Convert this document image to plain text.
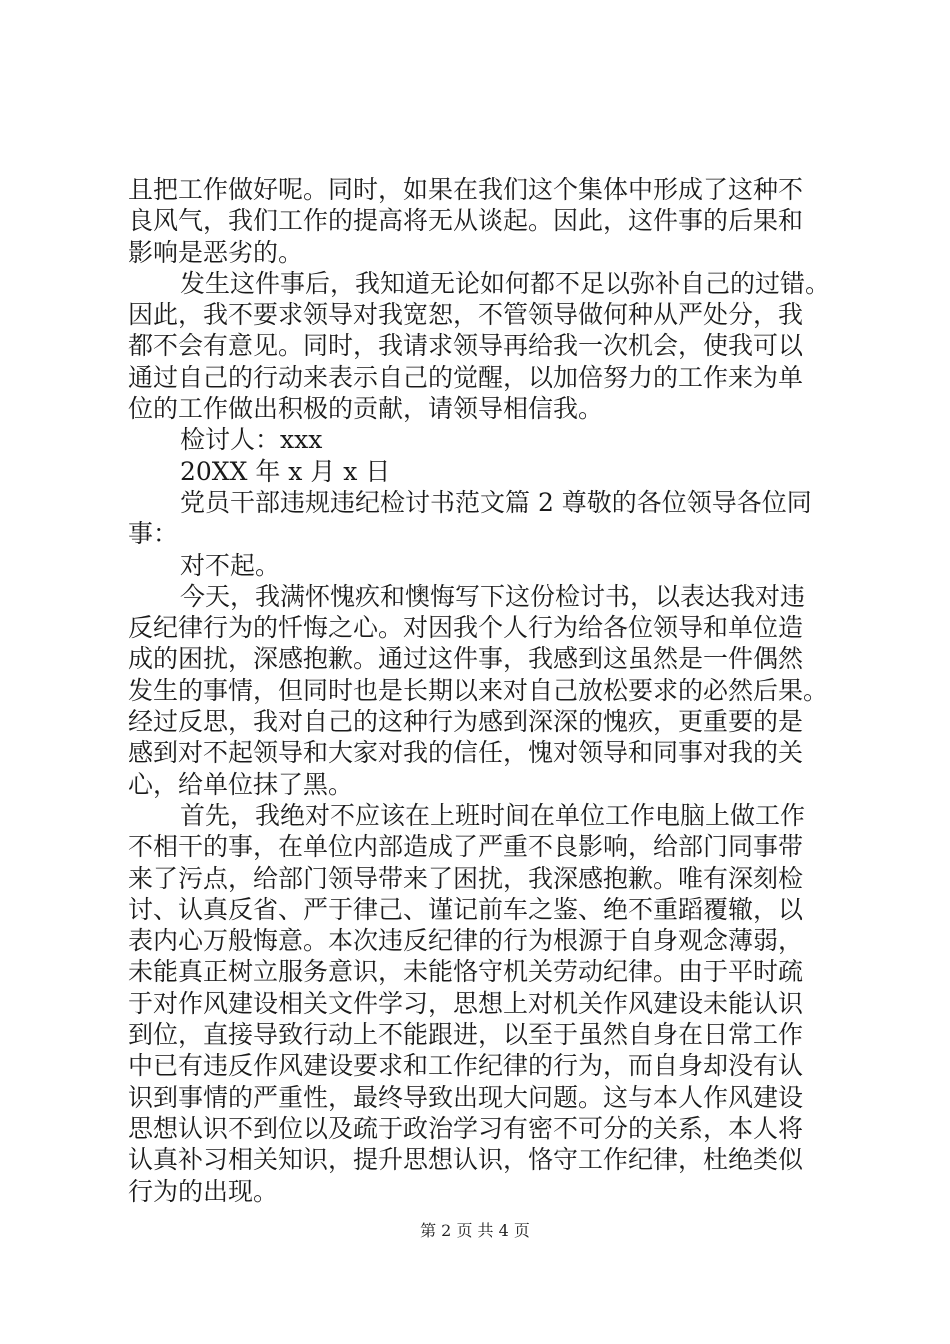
且把工作做好呢。同时，如果在我们这个集体中形成了这种不
良风气，我们工作的提高将无从谈起。因此，这件事的后果和
影响是恶劣的。
发生这件事后，我知道无论如何都不足以弥补自己的过错。
因此，我不要求领导对我宽恕，不管领导做何种从严处分，我
都不会有意见。同时，我请求领导再给我一次机会，使我可以
通过自己的行动来表示自己的觉醒，以加倍努力的工作来为单
位的工作做出积极的贡献，请领导相信我。
检讨人：xxx
20XX 年 x 月 x 日
党员干部违规违纪检讨书范文篇 2 尊敬的各位领导各位同
事：
对不起。
今天，我满怀愧疚和懊悔写下这份检讨书，以表达我对违
反纪律行为的忏悔之心。对因我个人行为给各位领导和单位造
成的困扰，深感抱歉。通过这件事，我感到这虽然是一件偶然
发生的事情，但同时也是长期以来对自己放松要求的必然后果。
经过反思，我对自己的这种行为感到深深的愧疚，更重要的是
感到对不起领导和大家对我的信任，愧对领导和同事对我的关
心，给单位抹了黑。
首先，我绝对不应该在上班时间在单位工作电脑上做工作
不相干的事，在单位内部造成了严重不良影响，给部门同事带
来了污点，给部门领导带来了困扰，我深感抱歉。唯有深刻检
讨、认真反省、严于律己、谨记前车之鉴、绝不重蹈覆辙，以
表内心万般悔意。本次违反纪律的行为根源于自身观念薄弱，
未能真正树立服务意识，未能恪守机关劳动纪律。由于平时疏
于对作风建设相关文件学习，思想上对机关作风建设未能认识
到位，直接导致行动上不能跟进，以至于虽然自身在日常工作
中已有违反作风建设要求和工作纪律的行为，而自身却没有认
识到事情的严重性，最终导致出现大问题。这与本人作风建设
思想认识不到位以及疏于政治学习有密不可分的关系，本人将
认真补习相关知识，提升思想认识，恪守工作纪律，杜绝类似
行为的出现。
第 2 页 共 4 页
